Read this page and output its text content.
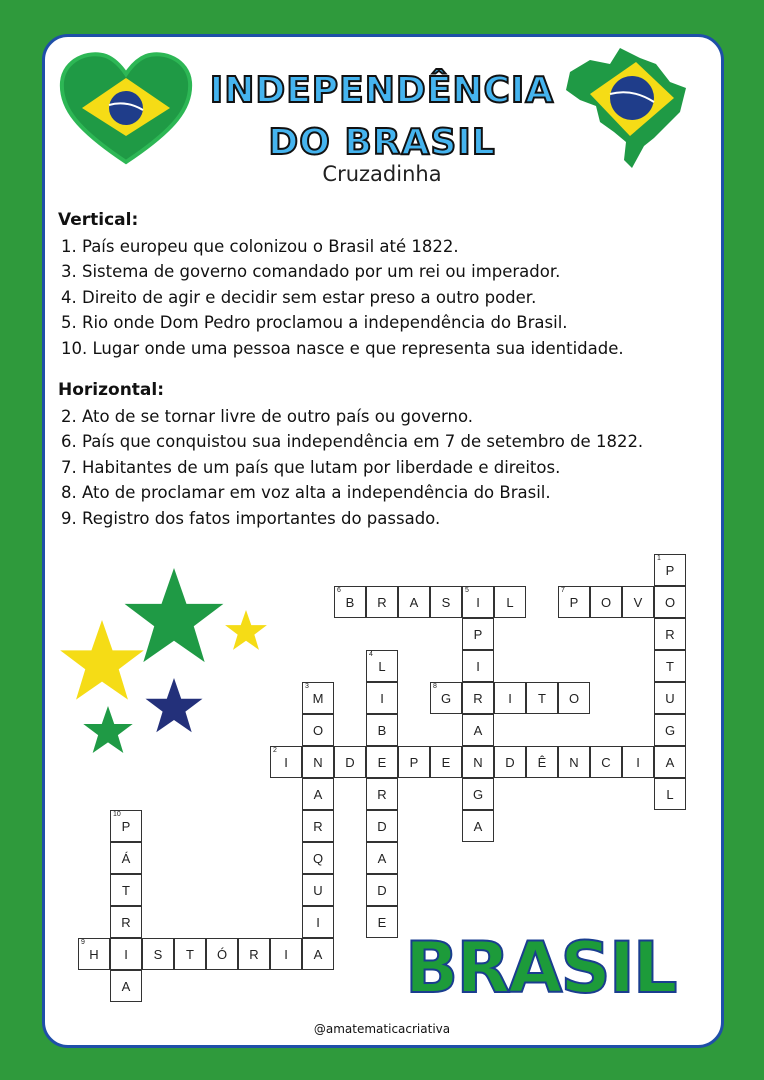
INDEPENDÊNCIA
DO BRASIL
Cruzadinha
Vertical:
1. País europeu que colonizou o Brasil até 1822.
3. Sistema de governo comandado por um rei ou imperador.
4. Direito de agir e decidir sem estar preso a outro poder.
5. Rio onde Dom Pedro proclamou a independência do Brasil.
10. Lugar onde uma pessoa nasce e que representa sua identidade.
Horizontal:
2. Ato de se tornar livre de outro país ou governo.
6. País que conquistou sua independência em 7 de setembro de 1822.
7. Habitantes de um país que lutam por liberdade e direitos.
8. Ato de proclamar em voz alta a independência do Brasil.
9. Registro dos fatos importantes do passado.
P
1
O
R
T
U
G
A
L
B
6
R A S I
5
L	P
7
O V
P
I
R
A
N
G
A
L
4
I
B
E
R
D
A
D
E
M
3
O
N
A
R
Q
U
I
A
G
8
I T O
I
2
D	P E	D Ê N C I
P
10
Á
T
R
I
A
H
9
S T Ó R I BRASIL
@amatematicacriativa
